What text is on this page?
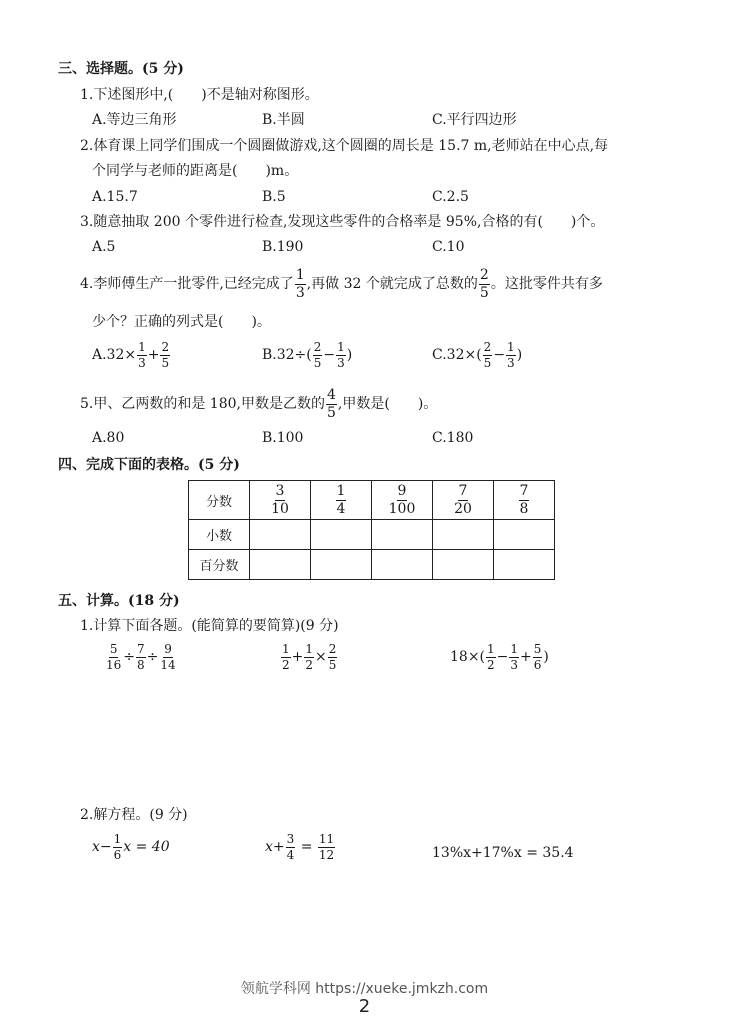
三、选择题。(5 分)
1.下述图形中,(　　)不是轴对称图形。
A.等边三角形	B.半圆	C.平行四边形
2.体育课上同学们围成一个圆圈做游戏,这个圆圈的周长是 15.7 m,老师站在中心点,每
个同学与老师的距离是(　　)m。
A.15.7	B.5	C.2.5
3.随意抽取 200 个零件进行检查,发现这些零件的合格率是 95%,合格的有(　　)个。
A.5	B.190	C.10
4.李师傅生产一批零件,已经完成了 $\frac{1}{3}$ ,再做 32 个就完成了总数的 $\frac{2}{5}$ 。这批零件共有多
少个？正确的列式是(　　)。
$A.32\times \frac{1}{3} + \frac{2}{5}$	$B.32\div( \frac{2}{5} - \frac{1}{3}$ )	$C.32\times( \frac{2}{5} - \frac{1}{3}$ )
5.甲、乙两数的和是 180,甲数是乙数的 $\frac{4}{5}$ ,甲数是(　　)。
A.80	B.100	C.180
四、完成下面的表格。(5 分)
分数	$\frac{3}{10}$	$\frac{1}{4}$	$\frac{9}{100}$	$\frac{7}{20}$	$\frac{7}{8}$

小数					
百分数					
五、计算。(18 分)
1.计算下面各题。(能简算的要简算)(9 分)
$\frac{5}{16} \div \frac{7}{8} \div \frac{9}{14}$	$\frac{1}{2} + \frac{1}{2} \times \frac{2}{5}$	$18\times( \frac{1}{2} - \frac{1}{3} + \frac{5}{6}$ )
2.解方程。(9 分)
$x- \frac{1}{6}$ x = 40	$x+ \frac{3}{4} = \frac{11}{12}$	13%x+17%x = 35.4
领航学科网 https://xueke.jmkzh.com
2
